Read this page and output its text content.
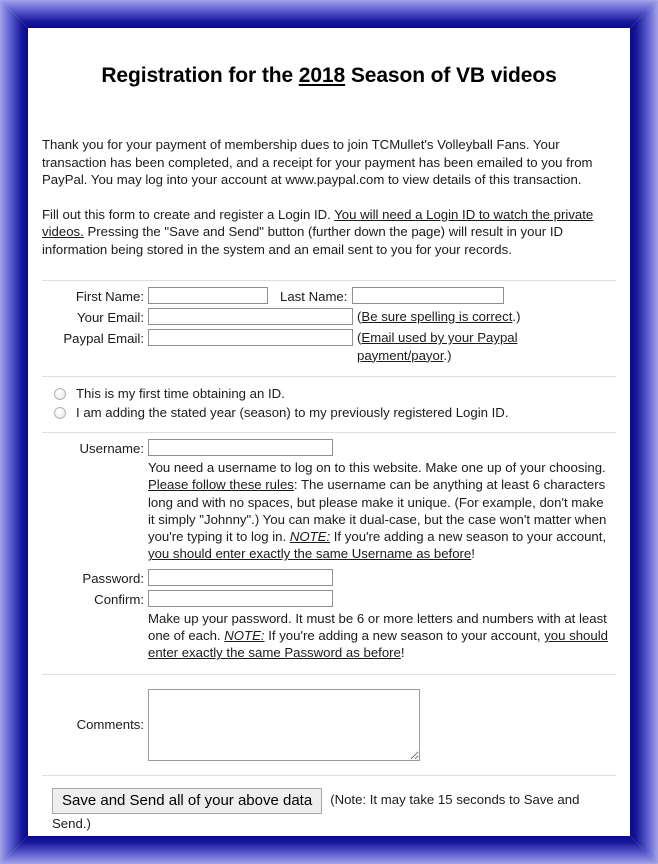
Registration for the 2018 Season of VB videos

Thank you for your payment of membership dues to join TCMullet's Volleyball Fans. Your transaction has been completed, and a receipt for your payment has been emailed to you from PayPal. You may log into your account at www.paypal.com to view details of this transaction.

Fill out this form to create and register a Login ID. You will need a Login ID to watch the private videos. Pressing the "Save and Send" button (further down the page) will result in your ID information being stored in the system and an email sent to you for your records.

First Name:	Last Name:
Your Email:	(Be sure spelling is correct.)
Paypal Email:	(Email used by your Paypal payment/payor.)
This is my first time obtaining an ID.
I am adding the stated year (season) to my previously registered Login ID.
Username:

You need a username to log on to this website. Make one up of your choosing. Please follow these rules: The username can be anything at least 6 characters long and with no spaces, but please make it unique. (For example, don't make it simply "Johnny".) You can make it dual-case, but the case won't matter when you're typing it to log in. NOTE: If you're adding a new season to your account, you should enter exactly the same Username as before!

Password:
Confirm:

Make up your password. It must be 6 or more letters and numbers with at least one of each. NOTE: If you're adding a new season to your account, you should enter exactly the same Password as before!

Comments:
Save and Send all of your above data (Note: It may take 15 seconds to Save and Send.)
